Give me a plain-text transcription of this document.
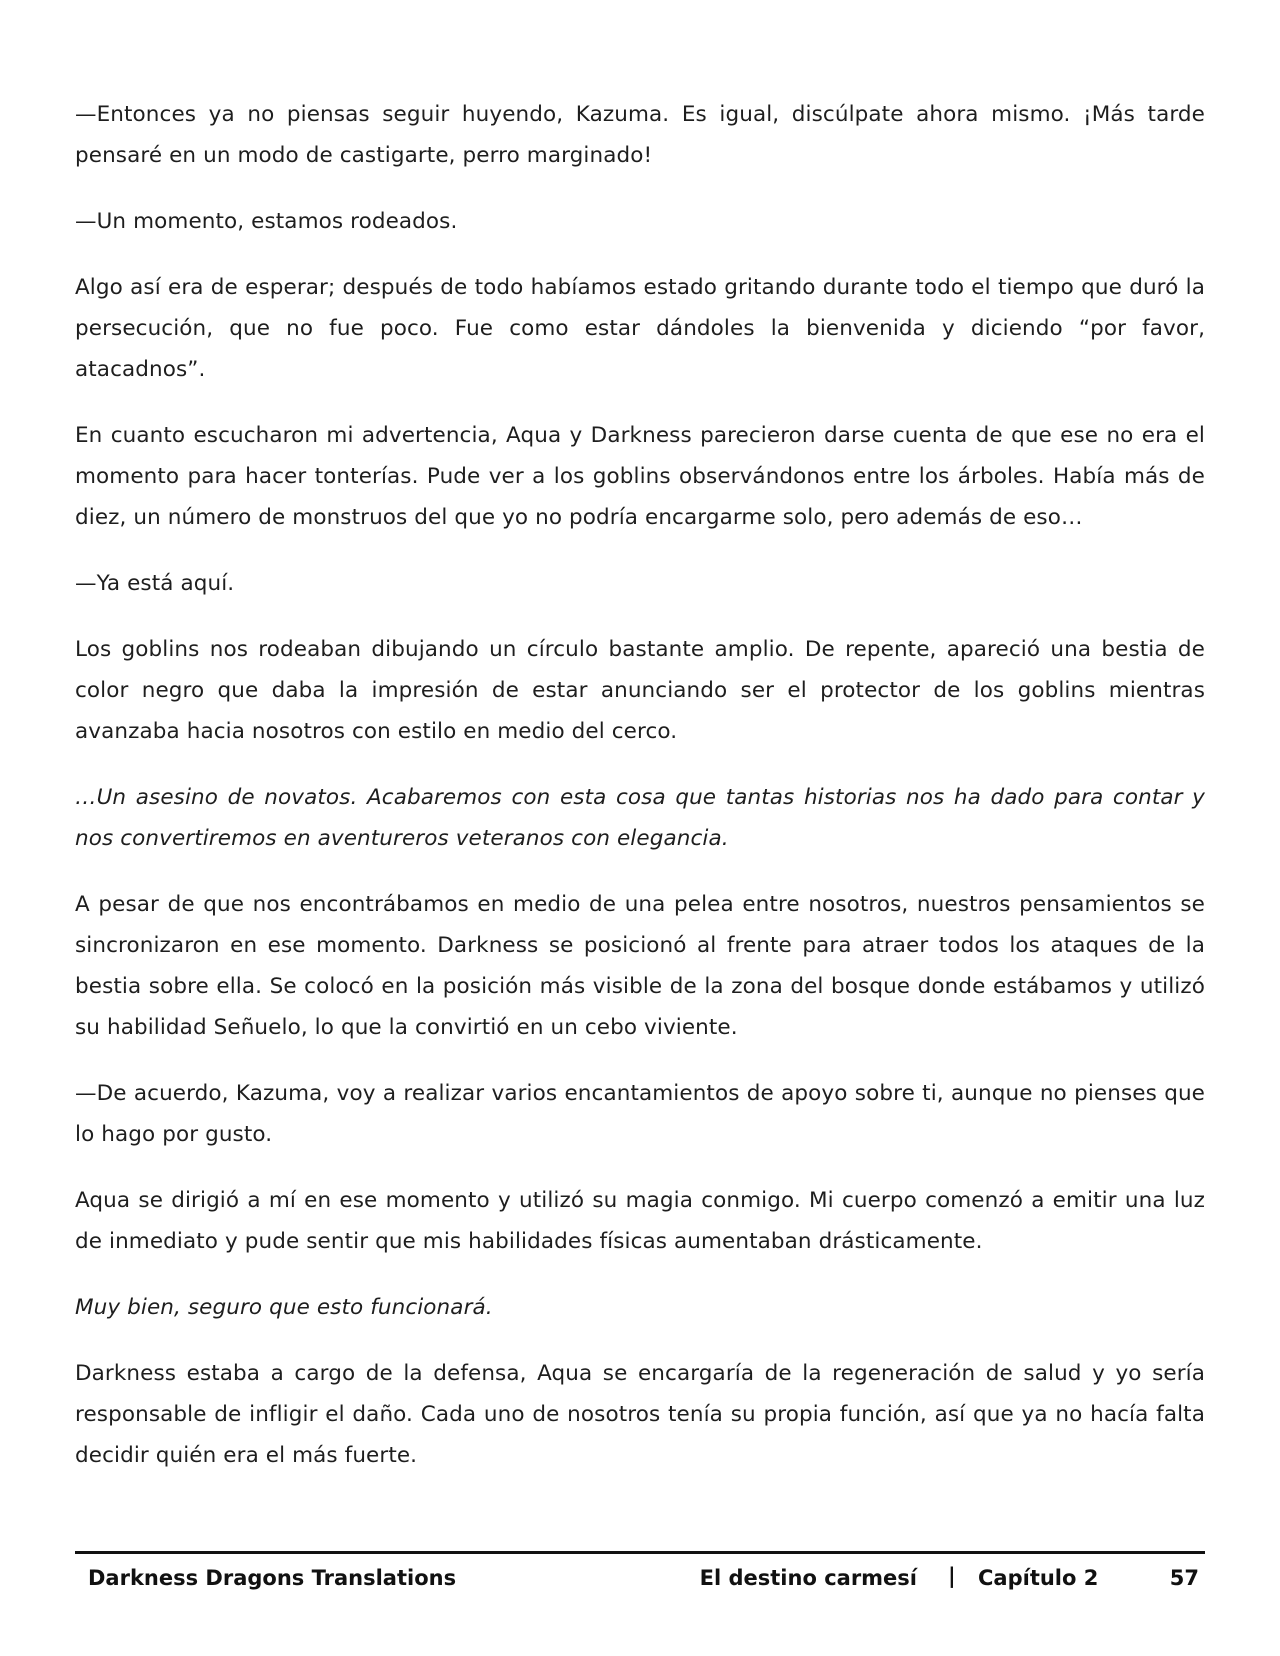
—Entonces ya no piensas seguir huyendo, Kazuma. Es igual, discúlpate ahora mismo. ¡Más tarde pensaré en un modo de castigarte, perro marginado!

—Un momento, estamos rodeados.

Algo así era de esperar; después de todo habíamos estado gritando durante todo el tiempo que duró la persecución, que no fue poco. Fue como estar dándoles la bienvenida y diciendo “por favor, atacadnos”.

En cuanto escucharon mi advertencia, Aqua y Darkness parecieron darse cuenta de que ese no era el momento para hacer tonterías. Pude ver a los goblins observándonos entre los árboles. Había más de diez, un número de monstruos del que yo no podría encargarme solo, pero además de eso…

—Ya está aquí.

Los goblins nos rodeaban dibujando un círculo bastante amplio. De repente, apareció una bestia de color negro que daba la impresión de estar anunciando ser el protector de los goblins mientras avanzaba hacia nosotros con estilo en medio del cerco.

…Un asesino de novatos. Acabaremos con esta cosa que tantas historias nos ha dado para contar y nos convertiremos en aventureros veteranos con elegancia.

A pesar de que nos encontrábamos en medio de una pelea entre nosotros, nuestros pensamientos se sincronizaron en ese momento. Darkness se posicionó al frente para atraer todos los ataques de la bestia sobre ella. Se colocó en la posición más visible de la zona del bosque donde estábamos y utilizó su habilidad Señuelo, lo que la convirtió en un cebo viviente.

—De acuerdo, Kazuma, voy a realizar varios encantamientos de apoyo sobre ti, aunque no pienses que lo hago por gusto.

Aqua se dirigió a mí en ese momento y utilizó su magia conmigo. Mi cuerpo comenzó a emitir una luz de inmediato y pude sentir que mis habilidades físicas aumentaban drásticamente.

Muy bien, seguro que esto funcionará.

Darkness estaba a cargo de la defensa, Aqua se encargaría de la regeneración de salud y yo sería responsable de infligir el daño. Cada uno de nosotros tenía su propia función, así que ya no hacía falta decidir quién era el más fuerte.

Darkness Dragons Translations	El destino carmesí | Capítulo 2	57
